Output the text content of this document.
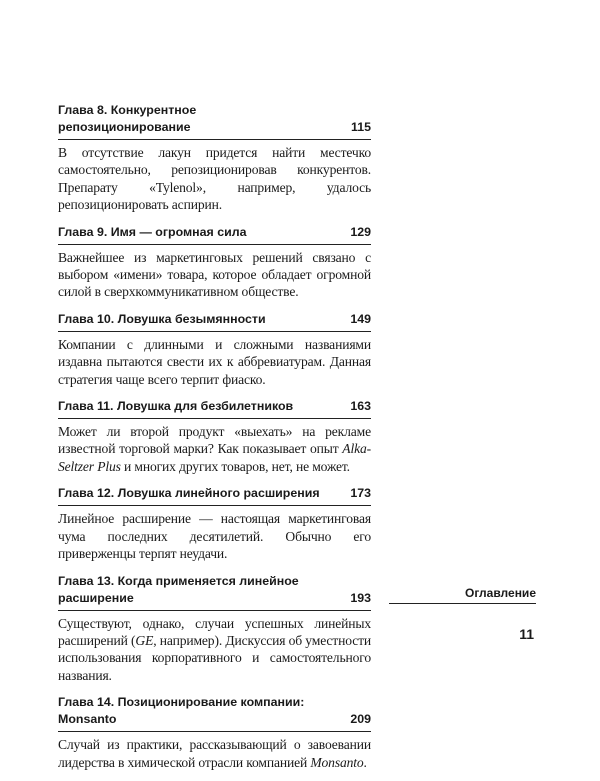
Глава 8. Конкурентное репозиционирование	115
В отсутствие лакун придется найти местечко самостоятельно, репозиционировав конкурентов. Препарату «Tylenol», например, удалось репозиционировать аспирин.
Глава 9. Имя — огромная сила	129
Важнейшее из маркетинговых решений связано с выбором «имени» товара, которое обладает огромной силой в сверхкоммуникативном обществе.
Глава 10. Ловушка безымянности	149
Компании с длинными и сложными названиями издавна пытаются свести их к аббревиатурам. Данная стратегия чаще всего терпит фиаско.
Глава 11. Ловушка для безбилетников	163
Может ли второй продукт «выехать» на рекламе известной торговой марки? Как показывает опыт Alka-Seltzer Plus и многих других товаров, нет, не может.
Глава 12. Ловушка линейного расширения 173
Линейное расширение — настоящая маркетинговая чума последних десятилетий. Обычно его приверженцы терпят неудачи.
Глава 13. Когда применяется линейное расширение	193
Существуют, однако, случаи успешных линейных расширений (GE, например). Дискуссия об уместности использования корпоративного и самостоятельного названия.
Глава 14. Позиционирование компании: Monsanto	209
Случай из практики, рассказывающий о завоевании лидерства в химической отрасли компанией Monsanto.
Оглавление
11
